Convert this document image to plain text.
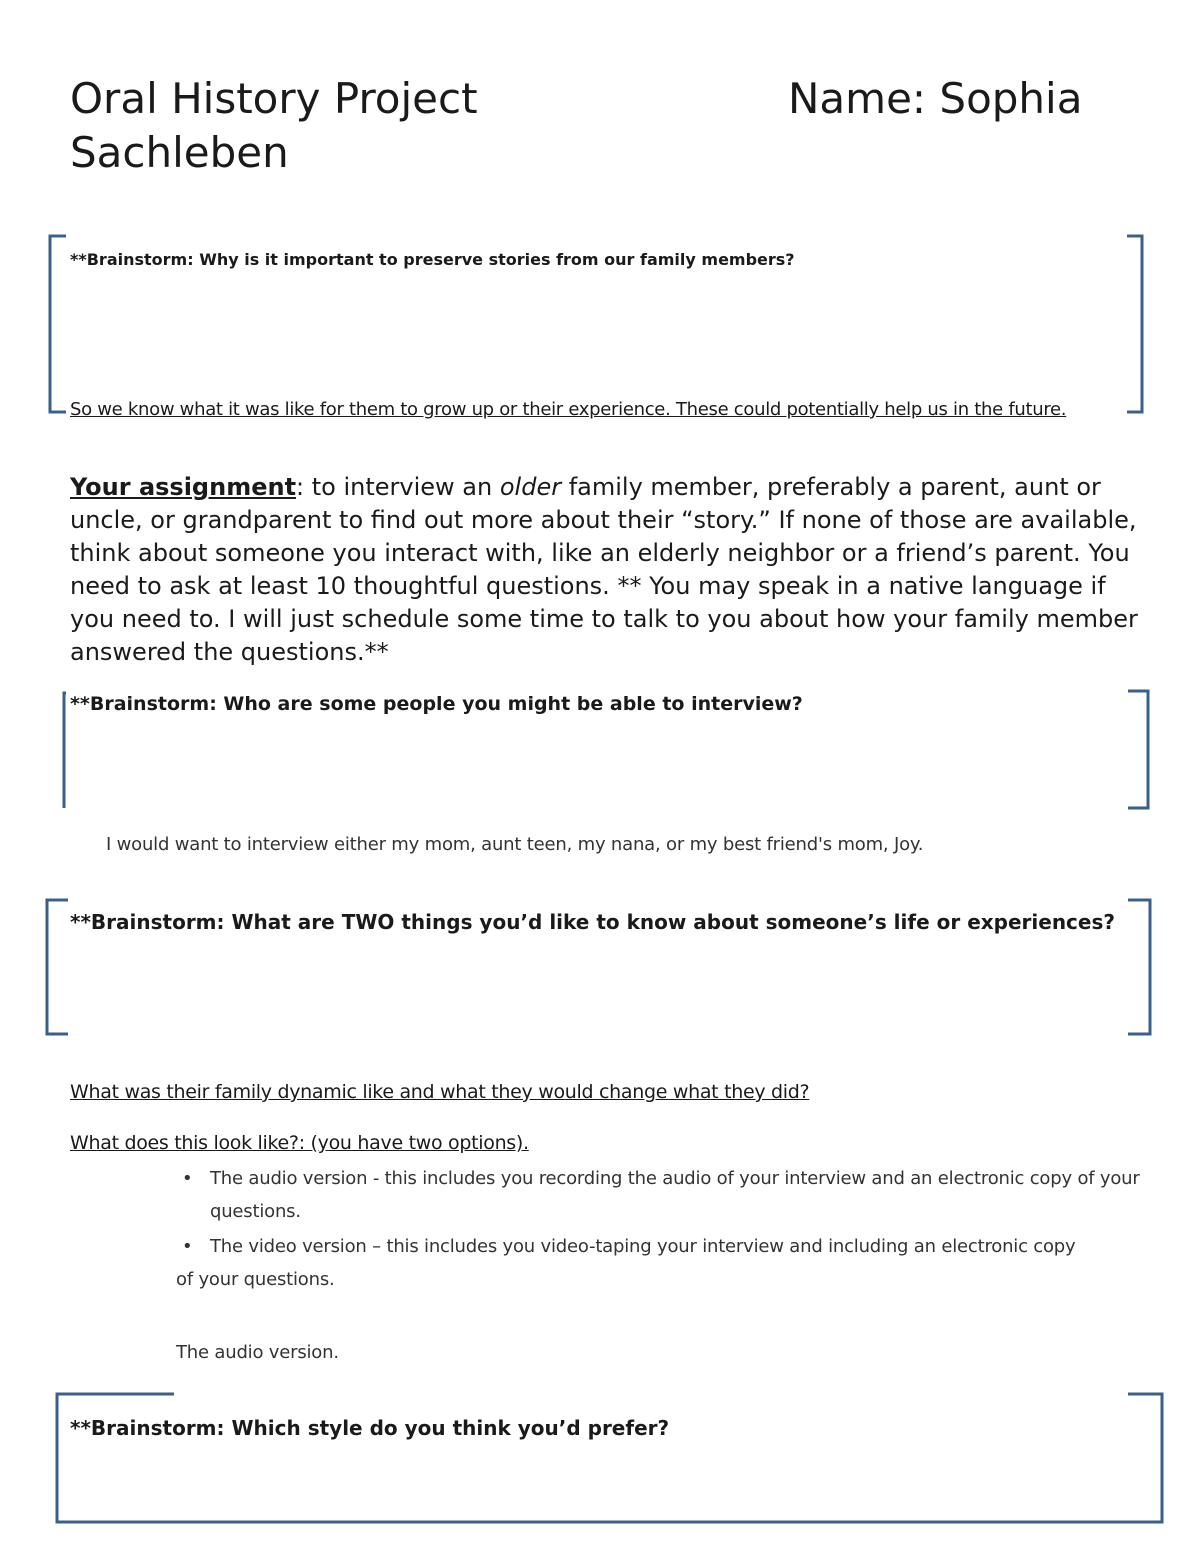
Oral History Project	Name: Sophia
Sachleben
**Brainstorm: Why is it important to preserve stories from our family members?
So we know what it was like for them to grow up or their experience. These could potentially help us in the future.
Your assignment: to interview an older family member, preferably a parent, aunt or uncle, or grandparent to find out more about their “story.” If none of those are available, think about someone you interact with, like an elderly neighbor or a friend’s parent. You need to ask at least 10 thoughtful questions. ** You may speak in a native language if you need to. I will just schedule some time to talk to you about how your family member answered the questions.**
**Brainstorm: Who are some people you might be able to interview?
I would want to interview either my mom, aunt teen, my nana, or my best friend's mom, Joy.
**Brainstorm: What are TWO things you’d like to know about someone’s life or experiences?
What was their family dynamic like and what they would change what they did?
What does this look like?: (you have two options).
• The audio version - this includes you recording the audio of your interview and an electronic copy of your questions.
• The video version – this includes you video-taping your interview and including an electronic copy
of your questions.
The audio version.
**Brainstorm: Which style do you think you’d prefer?
